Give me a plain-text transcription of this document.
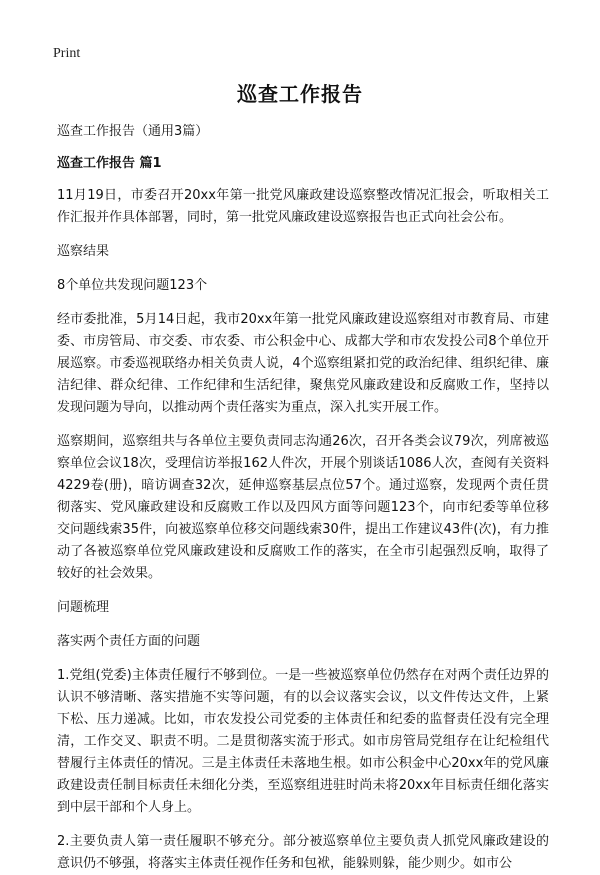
Print
巡查工作报告

巡查工作报告（通用3篇）

巡查工作报告 篇1

11月19日，市委召开20xx年第一批党风廉政建设巡察整改情况汇报会，听取相关工作汇报并作具体部署，同时，第一批党风廉政建设巡察报告也正式向社会公布。

巡察结果

8个单位共发现问题123个

经市委批准，5月14日起，我市20xx年第一批党风廉政建设巡察组对市教育局、市建委、市房管局、市交委、市农委、市公积金中心、成都大学和市农发投公司8个单位开展巡察。市委巡视联络办相关负责人说，4个巡察组紧扣党的政治纪律、组织纪律、廉洁纪律、群众纪律、工作纪律和生活纪律，聚焦党风廉政建设和反腐败工作，坚持以发现问题为导向，以推动两个责任落实为重点，深入扎实开展工作。

巡察期间，巡察组共与各单位主要负责同志沟通26次，召开各类会议79次，列席被巡察单位会议18次，受理信访举报162人件次，开展个别谈话1086人次，查阅有关资料4229卷(册)，暗访调查32次，延伸巡察基层点位57个。通过巡察，发现两个责任贯彻落实、党风廉政建设和反腐败工作以及四风方面等问题123个，向市纪委等单位移交问题线索35件，向被巡察单位移交问题线索30件，提出工作建议43件(次)，有力推动了各被巡察单位党风廉政建设和反腐败工作的落实，在全市引起强烈反响，取得了较好的社会效果。

问题梳理

落实两个责任方面的问题

1.党组(党委)主体责任履行不够到位。一是一些被巡察单位仍然存在对两个责任边界的认识不够清晰、落实措施不实等问题，有的以会议落实会议，以文件传达文件，上紧下松、压力递减。比如，市农发投公司党委的主体责任和纪委的监督责任没有完全理清，工作交叉、职责不明。二是贯彻落实流于形式。如市房管局党组存在让纪检组代替履行主体责任的情况。三是主体责任未落地生根。如市公积金中心20xx年的党风廉政建设责任制目标责任未细化分类，至巡察组进驻时尚未将20xx年目标责任细化落实到中层干部和个人身上。

2.主要负责人第一责任履职不够充分。部分被巡察单位主要负责人抓党风廉政建设的意识仍不够强，将落实主体责任视作任务和包袱，能躲则躲，能少则少。如市公
